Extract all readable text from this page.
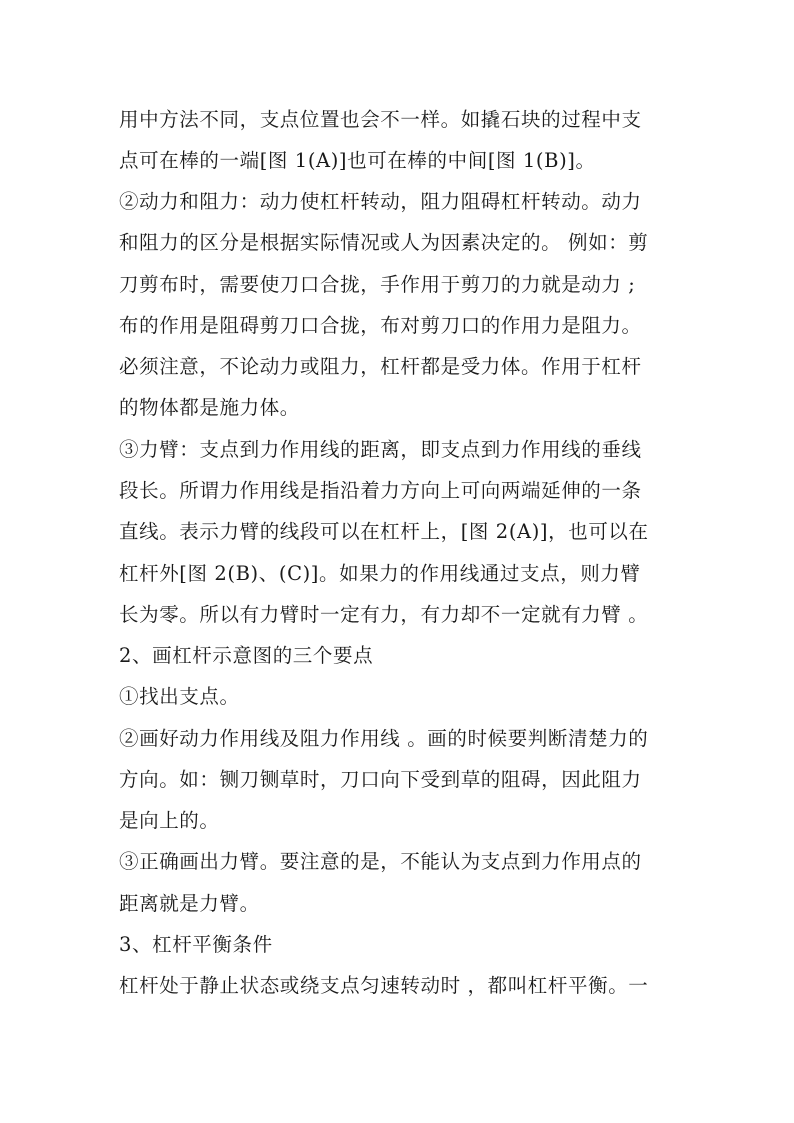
用中方法不同，支点位置也会不一样。如撬石块的过程中支
点可在棒的一端[图 1(A)]也可在棒的中间[图 1(B)]。
②动力和阻力：动力使杠杆转动，阻力阻碍杠杆转动。动力
和阻力的区分是根据实际情况或人为因素决定的。 例如：剪
刀剪布时，需要使刀口合拢，手作用于剪刀的力就是动力 ;
布的作用是阻碍剪刀口合拢，布对剪刀口的作用力是阻力。
必须注意，不论动力或阻力，杠杆都是受力体。作用于杠杆
的物体都是施力体。
③力臂：支点到力作用线的距离，即支点到力作用线的垂线
段长。所谓力作用线是指沿着力方向上可向两端延伸的一条
直线。表示力臂的线段可以在杠杆上，[图 2(A)]，也可以在
杠杆外[图 2(B)、(C)]。如果力的作用线通过支点，则力臂
长为零。所以有力臂时一定有力，有力却不一定就有力臂 。
2、画杠杆示意图的三个要点
①找出支点。
②画好动力作用线及阻力作用线 。画的时候要判断清楚力的
方向。如：铡刀铡草时，刀口向下受到草的阻碍，因此阻力
是向上的。
③正确画出力臂。要注意的是，不能认为支点到力作用点的
距离就是力臂。
3、杠杆平衡条件
杠杆处于静止状态或绕支点匀速转动时 ，都叫杠杆平衡。一
